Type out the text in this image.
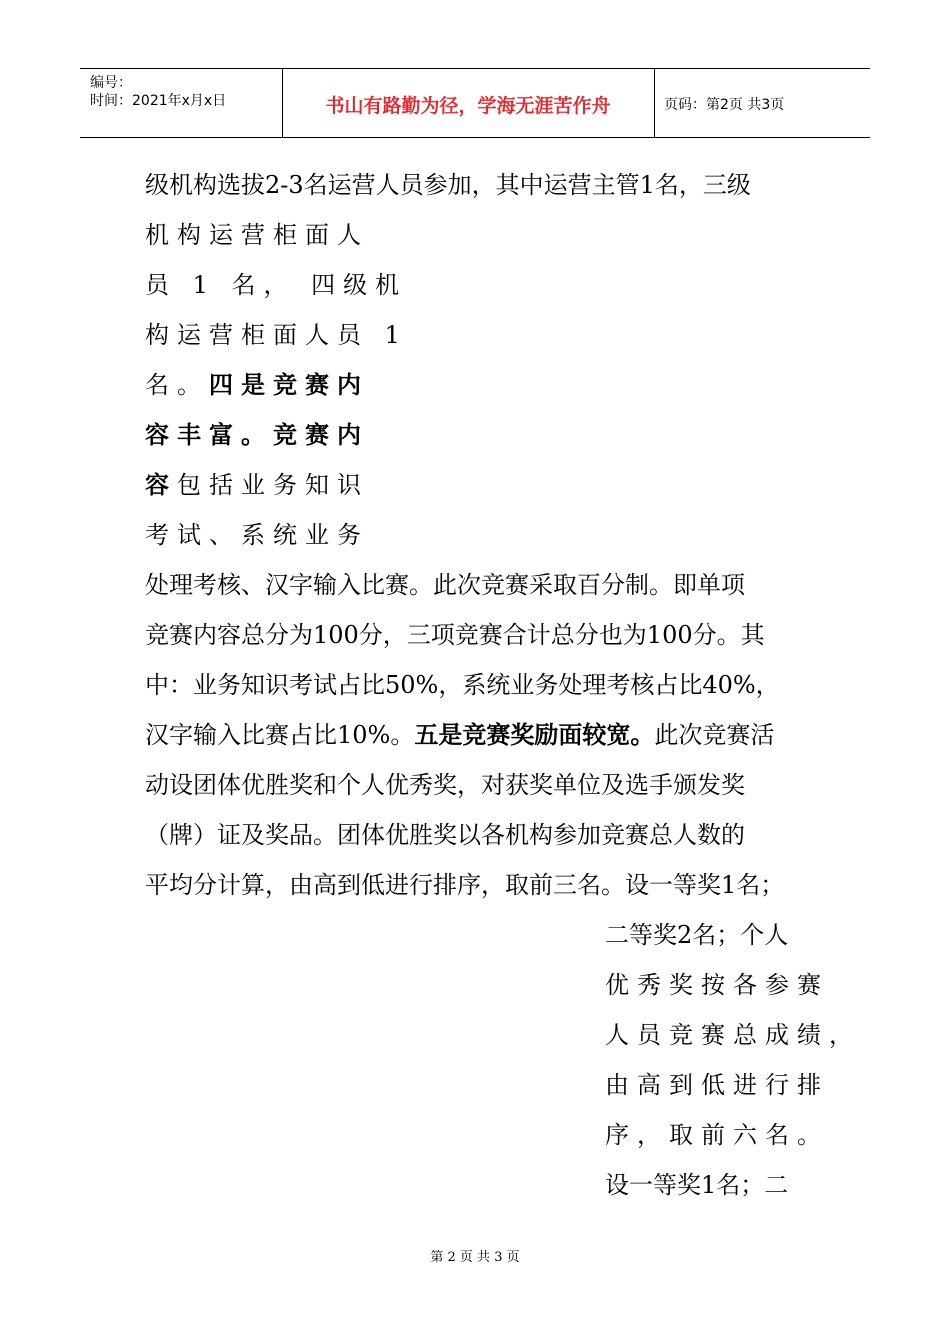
编号：
时间：2021年x月x日	书山有路勤为径，学海无涯苦作舟	页码：第2页 共3页
级机构选拔2-3名运营人员参加，其中运营主管1名，三级
机构运营柜面人
员 1 名， 四级机
构运营柜面人员 1
名。四是竞赛内
容丰富。竞赛内
容包括业务知识
考试、系统业务
处理考核、汉字输入比赛。此次竞赛采取百分制。即单项
竞赛内容总分为100分，三项竞赛合计总分也为100分。其
中：业务知识考试占比50%，系统业务处理考核占比40%，
汉字输入比赛占比10%。五是竞赛奖励面较宽。此次竞赛活
动设团体优胜奖和个人优秀奖，对获奖单位及选手颁发奖
（牌）证及奖品。团体优胜奖以各机构参加竞赛总人数的
平均分计算，由高到低进行排序，取前三名。设一等奖1名；
二等奖2名；个人
优秀奖按各参赛
人员竞赛总成绩，
由高到低进行排
序，取前六名。
设一等奖1名；二
第 2 页 共 3 页
